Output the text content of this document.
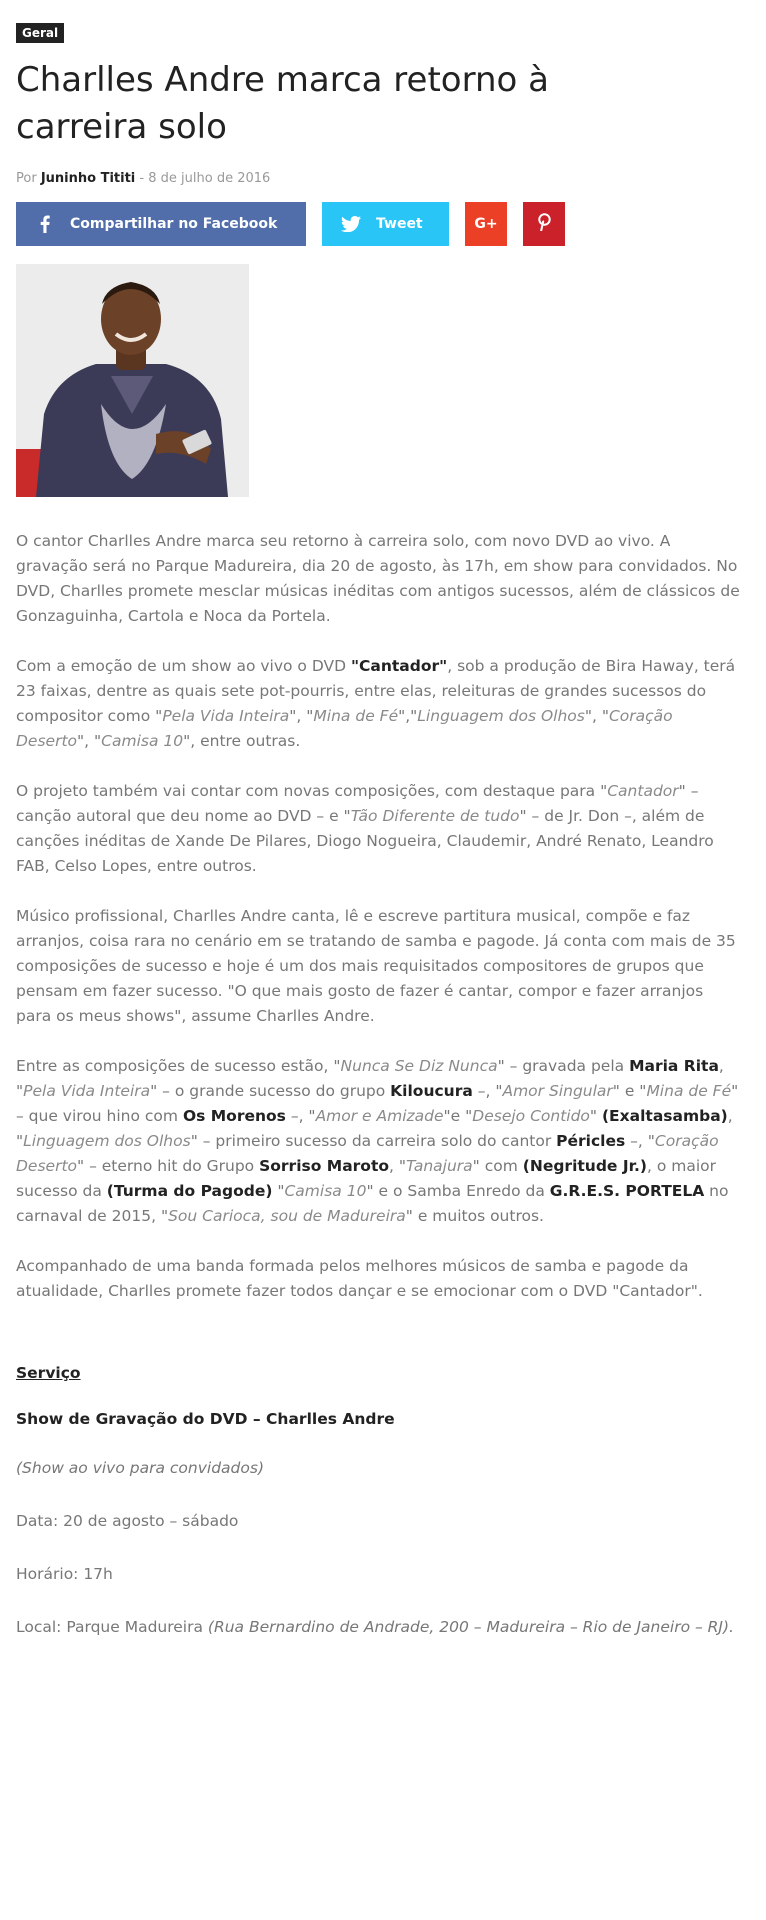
Geral
Charlles Andre marca retorno à carreira solo
Por Juninho Tititi - 8 de julho de 2016
Compartilhar no Facebook	Tweet	G+

O cantor Charlles Andre marca seu retorno à carreira solo, com novo DVD ao vivo. A gravação será no Parque Madureira, dia 20 de agosto, às 17h, em show para convidados. No DVD, Charlles promete mesclar músicas inéditas com antigos sucessos, além de clássicos de Gonzaguinha, Cartola e Noca da Portela.

Com a emoção de um show ao vivo o DVD "Cantador", sob a produção de Bira Haway, terá 23 faixas, dentre as quais sete pot-pourris, entre elas, releituras de grandes sucessos do compositor como "Pela Vida Inteira", "Mina de Fé","Linguagem dos Olhos", "Coração Deserto", "Camisa 10", entre outras.

O projeto também vai contar com novas composições, com destaque para "Cantador" – canção autoral que deu nome ao DVD – e "Tão Diferente de tudo" – de Jr. Don –, além de canções inéditas de Xande De Pilares, Diogo Nogueira, Claudemir, André Renato, Leandro FAB, Celso Lopes, entre outros.

Músico profissional, Charlles Andre canta, lê e escreve partitura musical, compõe e faz arranjos, coisa rara no cenário em se tratando de samba e pagode. Já conta com mais de 35 composições de sucesso e hoje é um dos mais requisitados compositores de grupos que pensam em fazer sucesso. "O que mais gosto de fazer é cantar, compor e fazer arranjos para os meus shows", assume Charlles Andre.

Entre as composições de sucesso estão, "Nunca Se Diz Nunca" – gravada pela Maria Rita, "Pela Vida Inteira" – o grande sucesso do grupo Kiloucura –, "Amor Singular" e "Mina de Fé" – que virou hino com Os Morenos –, "Amor e Amizade"e "Desejo Contido" (Exaltasamba), "Linguagem dos Olhos" – primeiro sucesso da carreira solo do cantor Péricles –, "Coração Deserto" – eterno hit do Grupo Sorriso Maroto, "Tanajura" com (Negritude Jr.), o maior sucesso da (Turma do Pagode) "Camisa 10" e o Samba Enredo da G.R.E.S. PORTELA no carnaval de 2015, "Sou Carioca, sou de Madureira" e muitos outros.

Acompanhado de uma banda formada pelos melhores músicos de samba e pagode da atualidade, Charlles promete fazer todos dançar e se emocionar com o DVD "Cantador".

Serviço
Show de Gravação do DVD – Charlles Andre

(Show ao vivo para convidados)

Data: 20 de agosto – sábado

Horário: 17h

Local: Parque Madureira (Rua Bernardino de Andrade, 200 – Madureira – Rio de Janeiro – RJ).
